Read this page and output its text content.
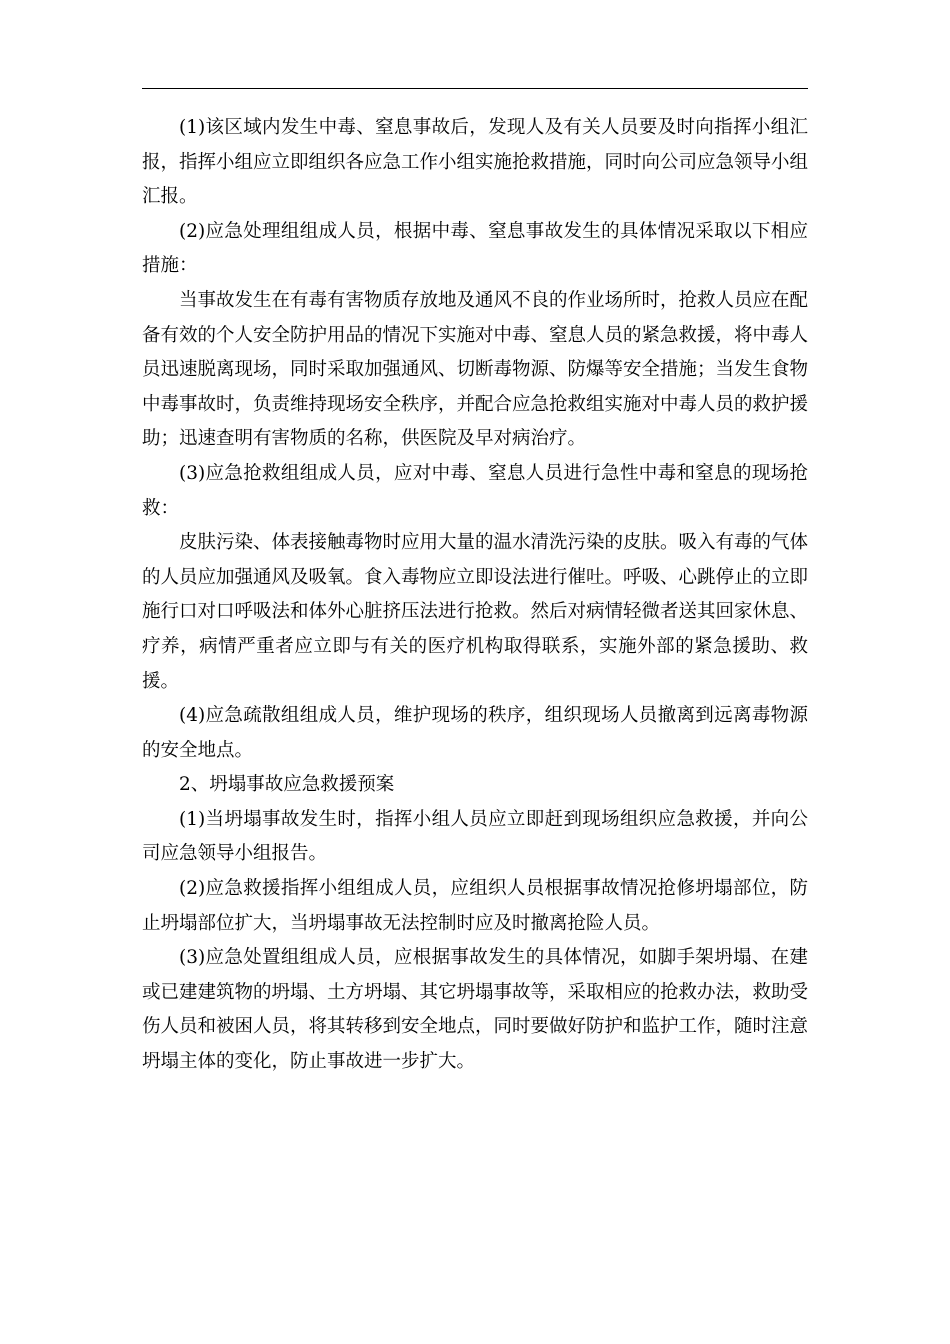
(1)该区域内发生中毒、窒息事故后，发现人及有关人员要及时向指挥小组汇报，指挥小组应立即组织各应急工作小组实施抢救措施，同时向公司应急领导小组汇报。

(2)应急处理组组成人员，根据中毒、窒息事故发生的具体情况采取以下相应措施：

当事故发生在有毒有害物质存放地及通风不良的作业场所时，抢救人员应在配备有效的个人安全防护用品的情况下实施对中毒、窒息人员的紧急救援，将中毒人员迅速脱离现场，同时采取加强通风、切断毒物源、防爆等安全措施；当发生食物中毒事故时，负责维持现场安全秩序，并配合应急抢救组实施对中毒人员的救护援助；迅速查明有害物质的名称，供医院及早对病治疗。

(3)应急抢救组组成人员，应对中毒、窒息人员进行急性中毒和窒息的现场抢救：

皮肤污染、体表接触毒物时应用大量的温水清洗污染的皮肤。吸入有毒的气体的人员应加强通风及吸氧。食入毒物应立即设法进行催吐。呼吸、心跳停止的立即施行口对口呼吸法和体外心脏挤压法进行抢救。然后对病情轻微者送其回家休息、疗养，病情严重者应立即与有关的医疗机构取得联系，实施外部的紧急援助、救援。

(4)应急疏散组组成人员，维护现场的秩序，组织现场人员撤离到远离毒物源的安全地点。

2、坍塌事故应急救援预案

(1)当坍塌事故发生时，指挥小组人员应立即赶到现场组织应急救援，并向公司应急领导小组报告。

(2)应急救援指挥小组组成人员，应组织人员根据事故情况抢修坍塌部位，防止坍塌部位扩大，当坍塌事故无法控制时应及时撤离抢险人员。

(3)应急处置组组成人员，应根据事故发生的具体情况，如脚手架坍塌、在建或已建建筑物的坍塌、土方坍塌、其它坍塌事故等，采取相应的抢救办法，救助受伤人员和被困人员，将其转移到安全地点，同时要做好防护和监护工作，随时注意坍塌主体的变化，防止事故进一步扩大。
